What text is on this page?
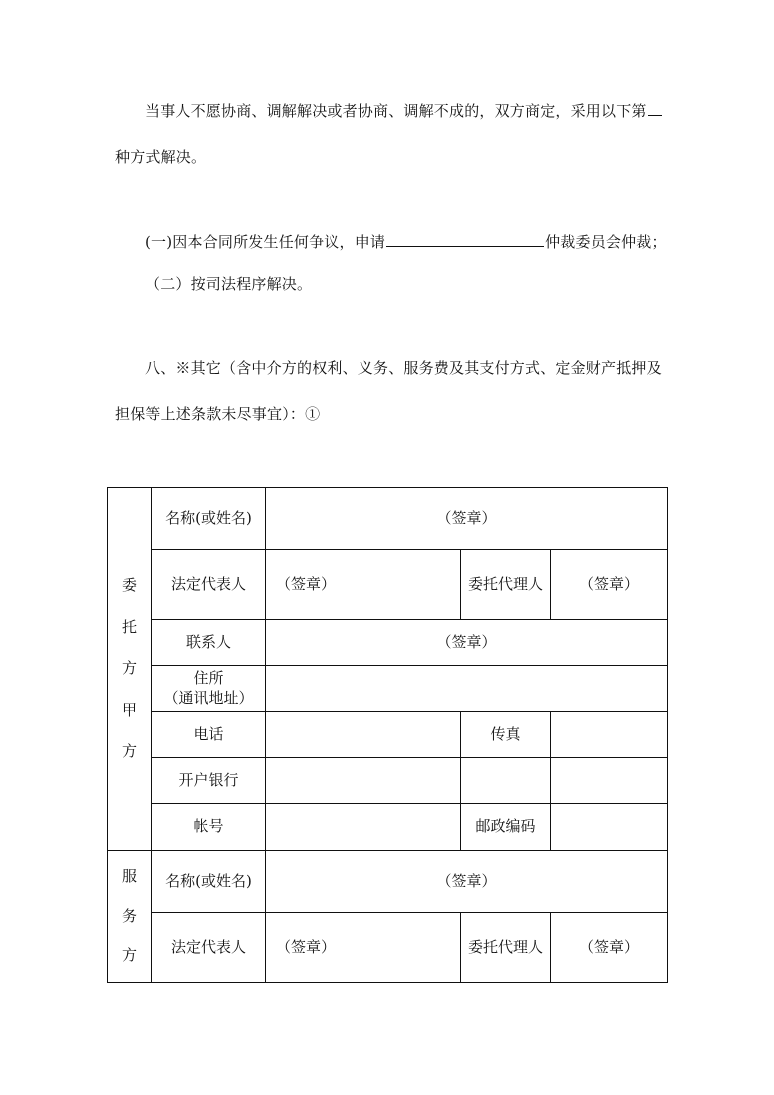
当事人不愿协商、调解解决或者协商、调解不成的，双方商定，采用以下第
种方式解决。
(一)因本合同所发生任何争议，申请	仲裁委员会仲裁；
（二）按司法程序解决。
八、※其它（含中介方的权利、义务、服务费及其支付方式、定金财产抵押及
担保等上述条款未尽事宜）：①
委
托
方
甲
方	名称(或姓名)	（签章）		
	法定代表人	（签章）	委托代理人	（签章）
	联系人	（签章）		

	住所
（通讯地址）			

	电话		传真	
	开户银行			
	帐号		邮政编码	

服
务
方	名称(或姓名)	（签章）		
	法定代表人	（签章）	委托代理人	（签章）
